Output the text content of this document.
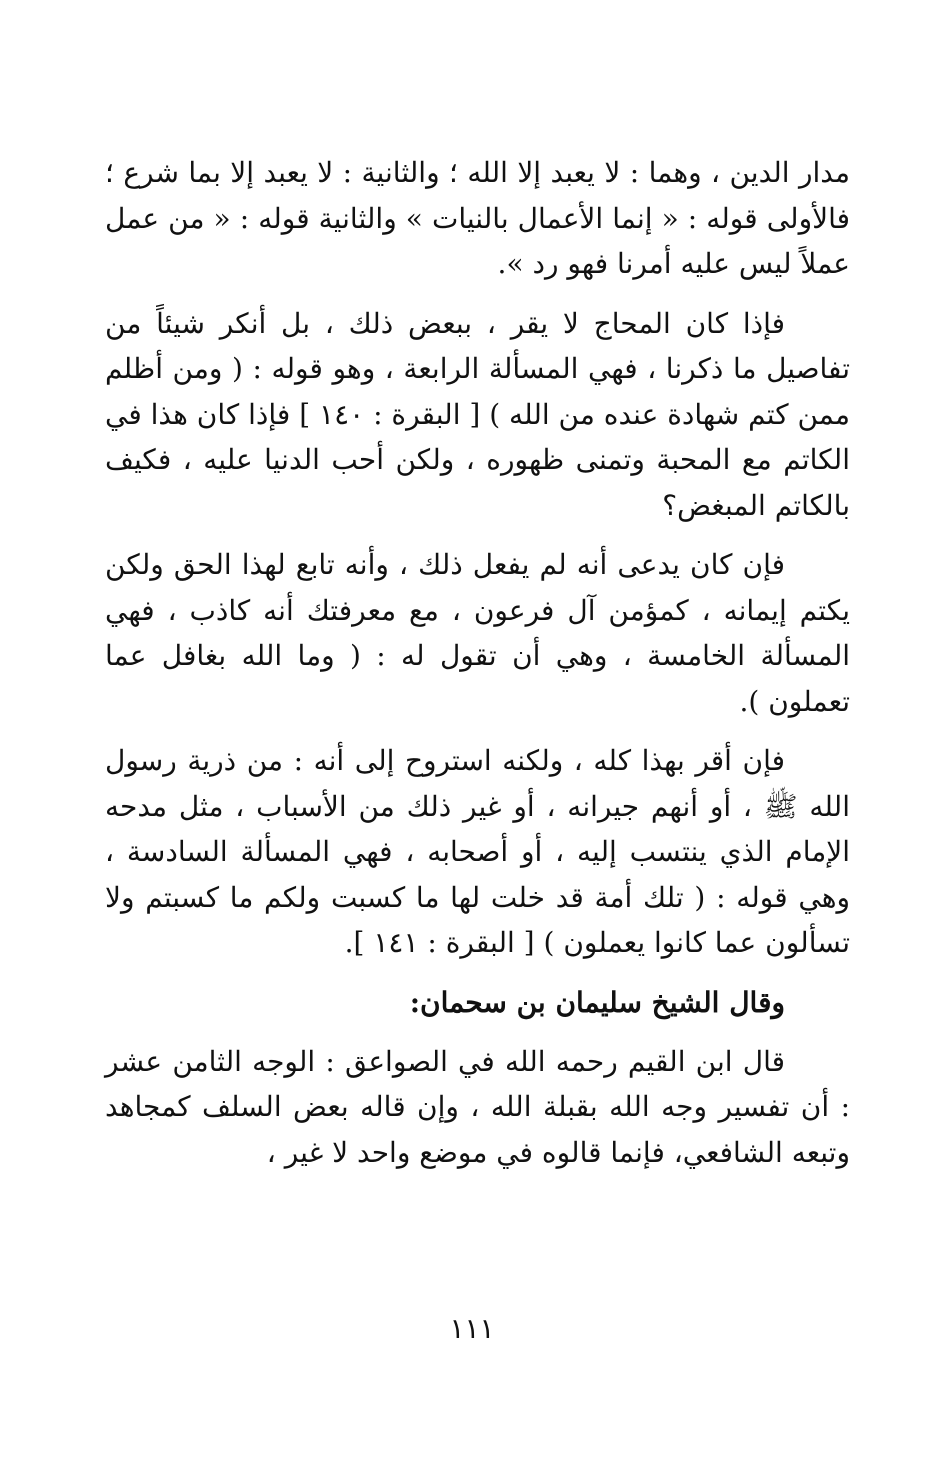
مدار الدين ، وهما : لا يعبد إلا الله ؛ والثانية : لا يعبد إلا بما شرع ؛ فالأولى قوله : « إنما الأعمال بالنيات » والثانية قوله : « من عمل عملاً ليس عليه أمرنا فهو رد ».

فإذا كان المحاج لا يقر ، ببعض ذلك ، بل أنكر شيئاً من تفاصيل ما ذكرنا ، فهي المسألة الرابعة ، وهو قوله : ( ومن أظلم ممن كتم شهادة عنده من الله ) [ البقرة : ١٤٠ ] فإذا كان هذا في الكاتم مع المحبة وتمنى ظهوره ، ولكن أحب الدنيا عليه ، فكيف بالكاتم المبغض؟

فإن كان يدعى أنه لم يفعل ذلك ، وأنه تابع لهذا الحق ولكن يكتم إيمانه ، كمؤمن آل فرعون ، مع معرفتك أنه كاذب ، فهي المسألة الخامسة ، وهي أن تقول له : ( وما الله بغافل عما تعملون ).

فإن أقر بهذا كله ، ولكنه استروح إلى أنه : من ذرية رسول الله ﷺ ، أو أنهم جيرانه ، أو غير ذلك من الأسباب ، مثل مدحه الإمام الذي ينتسب إليه ، أو أصحابه ، فهي المسألة السادسة ، وهي قوله : ( تلك أمة قد خلت لها ما كسبت ولكم ما كسبتم ولا تسألون عما كانوا يعملون ) [ البقرة : ١٤١ ].

وقال الشيخ سليمان بن سحمان:

قال ابن القيم رحمه الله في الصواعق : الوجه الثامن عشر : أن تفسير وجه الله بقبلة الله ، وإن قاله بعض السلف كمجاهد وتبعه الشافعي، فإنما قالوه في موضع واحد لا غير ،

١١١
